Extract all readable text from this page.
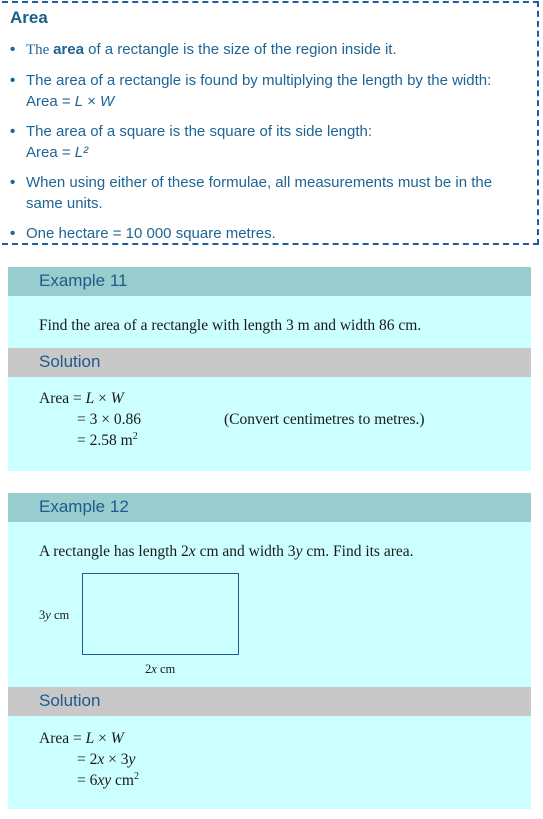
Area
• The area of a rectangle is the size of the region inside it.
• The area of a rectangle is found by multiplying the length by the width:
Area = L × W
• The area of a square is the square of its side length:
Area = L²
• When using either of these formulae, all measurements must be in the same units.
• One hectare = 10 000 square metres.
Example 11
Find the area of a rectangle with length 3 m and width 86 cm.
Solution
Area = L × W
= 3 × 0.86
= 2.58 $m^2$
(Convert centimetres to metres.)
Example 12
A rectangle has length 2x cm and width 3y cm. Find its area.
3y cm
2x cm
Solution
Area = L × W
= 2x × 3y
= 6xy $cm^2$
